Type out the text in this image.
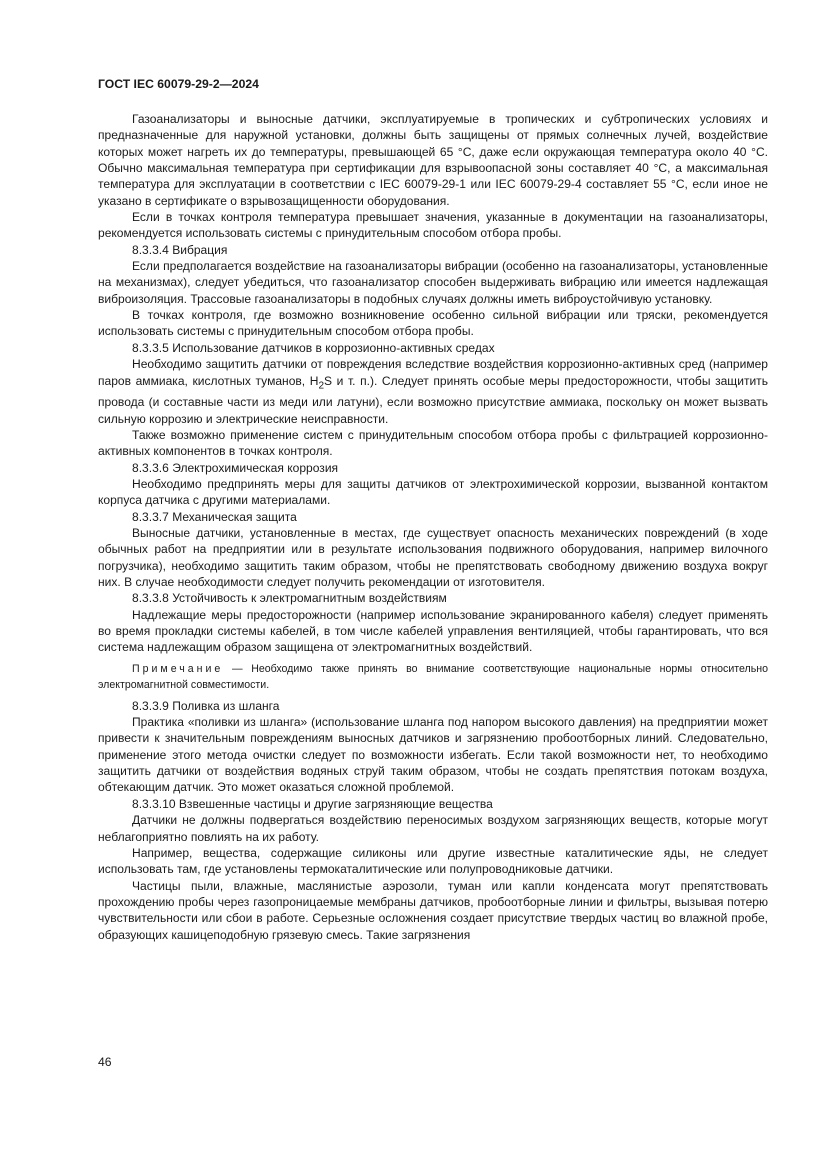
ГОСТ IEC 60079-29-2—2024

Газоанализаторы и выносные датчики, эксплуатируемые в тропических и субтропических условиях и предназначенные для наружной установки, должны быть защищены от прямых солнечных лучей, воздействие которых может нагреть их до температуры, превышающей 65 °С, даже если окружающая температура около 40 °С. Обычно максимальная температура при сертификации для взрывоопасной зоны составляет 40 °С, а максимальная температура для эксплуатации в соответствии с IEC 60079-29-1 или IEC 60079-29-4 составляет 55 °С, если иное не указано в сертификате о взрывозащищенности оборудования.

Если в точках контроля температура превышает значения, указанные в документации на газоанализаторы, рекомендуется использовать системы с принудительным способом отбора пробы.

8.3.3.4 Вибрация

Если предполагается воздействие на газоанализаторы вибрации (особенно на газоанализаторы, установленные на механизмах), следует убедиться, что газоанализатор способен выдерживать вибрацию или имеется надлежащая виброизоляция. Трассовые газоанализаторы в подобных случаях должны иметь виброустойчивую установку.

В точках контроля, где возможно возникновение особенно сильной вибрации или тряски, рекомендуется использовать системы с принудительным способом отбора пробы.

8.3.3.5 Использование датчиков в коррозионно-активных средах

Необходимо защитить датчики от повреждения вследствие воздействия коррозионно-активных сред (например паров аммиака, кислотных туманов, $H_2S$ и т. п.). Следует принять особые меры предосторожности, чтобы защитить провода (и составные части из меди или латуни), если возможно присутствие аммиака, поскольку он может вызвать сильную коррозию и электрические неисправности.

Также возможно применение систем с принудительным способом отбора пробы с фильтрацией коррозионно-активных компонентов в точках контроля.

8.3.3.6 Электрохимическая коррозия

Необходимо предпринять меры для защиты датчиков от электрохимической коррозии, вызванной контактом корпуса датчика с другими материалами.

8.3.3.7 Механическая защита

Выносные датчики, установленные в местах, где существует опасность механических повреждений (в ходе обычных работ на предприятии или в результате использования подвижного оборудования, например вилочного погрузчика), необходимо защитить таким образом, чтобы не препятствовать свободному движению воздуха вокруг них. В случае необходимости следует получить рекомендации от изготовителя.

8.3.3.8 Устойчивость к электромагнитным воздействиям

Надлежащие меры предосторожности (например использование экранированного кабеля) следует применять во время прокладки системы кабелей, в том числе кабелей управления вентиляцией, чтобы гарантировать, что вся система надлежащим образом защищена от электромагнитных воздействий.

Примечание — Необходимо также принять во внимание соответствующие национальные нормы относительно электромагнитной совместимости.

8.3.3.9 Поливка из шланга

Практика «поливки из шланга» (использование шланга под напором высокого давления) на предприятии может привести к значительным повреждениям выносных датчиков и загрязнению пробоотборных линий. Следовательно, применение этого метода очистки следует по возможности избегать. Если такой возможности нет, то необходимо защитить датчики от воздействия водяных струй таким образом, чтобы не создать препятствия потокам воздуха, обтекающим датчик. Это может оказаться сложной проблемой.

8.3.3.10 Взвешенные частицы и другие загрязняющие вещества

Датчики не должны подвергаться воздействию переносимых воздухом загрязняющих веществ, которые могут неблагоприятно повлиять на их работу.

Например, вещества, содержащие силиконы или другие известные каталитические яды, не следует использовать там, где установлены термокаталитические или полупроводниковые датчики.

Частицы пыли, влажные, маслянистые аэрозоли, туман или капли конденсата могут препятствовать прохождению пробы через газопроницаемые мембраны датчиков, пробоотборные линии и фильтры, вызывая потерю чувствительности или сбои в работе. Серьезные осложнения создает присутствие твердых частиц во влажной пробе, образующих кашицеподобную грязевую смесь. Такие загрязнения

46
